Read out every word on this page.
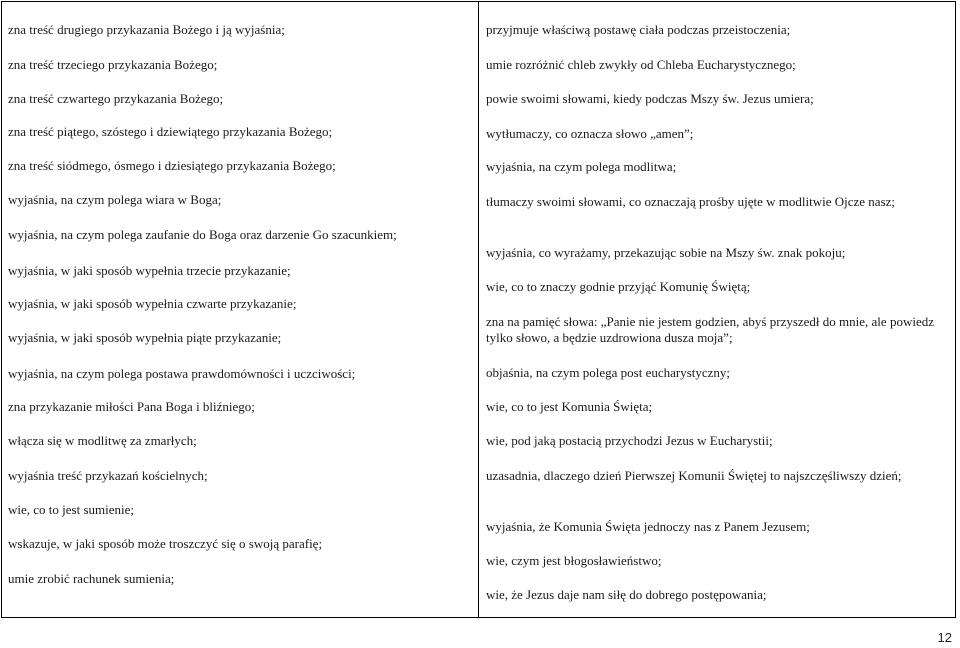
zna treść drugiego przykazania Bożego i ją wyjaśnia;
zna treść trzeciego przykazania Bożego;
zna treść czwartego przykazania Bożego;
zna treść piątego, szóstego i dziewiątego przykazania Bożego;
zna treść siódmego, ósmego i dziesiątego przykazania Bożego;
wyjaśnia, na czym polega wiara w Boga;
wyjaśnia, na czym polega zaufanie do Boga oraz darzenie Go szacunkiem;
wyjaśnia, w jaki sposób wypełnia trzecie przykazanie;
wyjaśnia, w jaki sposób wypełnia czwarte przykazanie;
wyjaśnia, w jaki sposób wypełnia piąte przykazanie;
wyjaśnia, na czym polega postawa prawdomówności i uczciwości;
zna przykazanie miłości Pana Boga i bliźniego;
włącza się w modlitwę za zmarłych;
wyjaśnia treść przykazań kościelnych;
wie, co to jest sumienie;
wskazuje, w jaki sposób może troszczyć się o swoją parafię;
umie zrobić rachunek sumienia;
przyjmuje właściwą postawę ciała podczas przeistoczenia;
umie rozróżnić chleb zwykły od Chleba Eucharystycznego;
powie swoimi słowami, kiedy podczas Mszy św. Jezus umiera;
wytłumaczy, co oznacza słowo „amen”;
wyjaśnia, na czym polega modlitwa;
tłumaczy swoimi słowami, co oznaczają prośby ujęte w modlitwie Ojcze nasz;
wyjaśnia, co wyrażamy, przekazując sobie na Mszy św. znak pokoju;
wie, co to znaczy godnie przyjąć Komunię Świętą;
zna na pamięć słowa: „Panie nie jestem godzien, abyś przyszedł do mnie, ale powiedz tylko słowo, a będzie uzdrowiona dusza moja”;
objaśnia, na czym polega post eucharystyczny;
wie, co to jest Komunia Święta;
wie, pod jaką postacią przychodzi Jezus w Eucharystii;
uzasadnia, dlaczego dzień Pierwszej Komunii Świętej to najszczęśliwszy dzień;
wyjaśnia, że Komunia Święta jednoczy nas z Panem Jezusem;
wie, czym jest błogosławieństwo;
wie, że Jezus daje nam siłę do dobrego postępowania;
12
